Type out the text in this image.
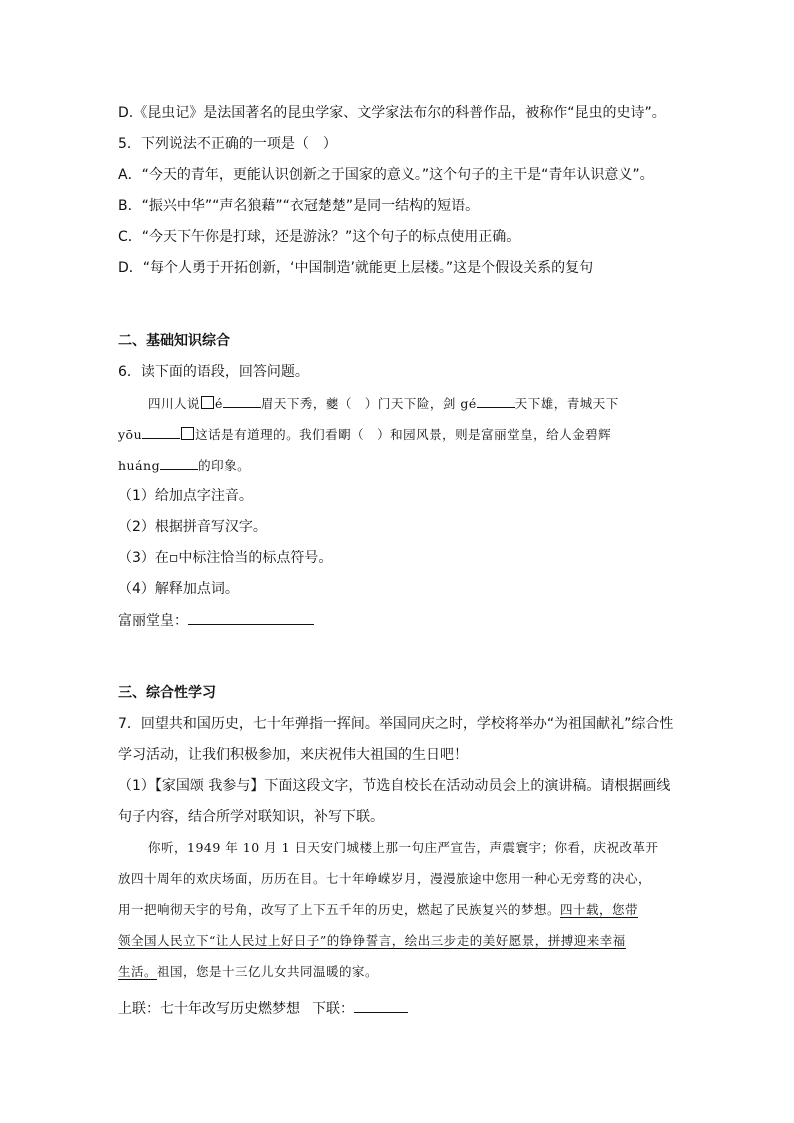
D.《昆虫记》是法国著名的昆虫学家、文学家法布尔的科普作品，被称作“昆虫的史诗”。
5．下列说法不正确的一项是（　）
A．“今天的青年，更能认识创新之于国家的意义。”这个句子的主干是“青年认识意义”。
B．“振兴中华”“声名狼藉”“衣冠楚楚”是同一结构的短语。
C．“今天下午你是打球，还是游泳？”这个句子的标点使用正确。
D．“每个人勇于开拓创新，‘中国制造’就能更上层楼。”这是个假设关系的复句
二、基础知识综合
6．读下面的语段，回答问题。
四川人说 é	眉天下秀，夔（　）门天下险，剑 gé	天下雄，青城天下
yōu	这话是有道理的。我们看朙（　）和园风景，则是富丽堂皇，给人金碧辉
huáng	的印象。
（1）给加点字注音。
（2）根据拼音写汉字。
（3）在▫中标注恰当的标点符号。
（4）解释加点词。
富丽堂皇：
三、综合性学习
7．回望共和国历史，七十年弹指一挥间。举国同庆之时，学校将举办“为祖国献礼”综合性
学习活动，让我们积极参加，来庆祝伟大祖国的生日吧！
（1）【家国颂 我参与】下面这段文字，节选自校长在活动动员会上的演讲稿。请根据画线
句子内容，结合所学对联知识，补写下联。
你听，1949 年 10 月 1 日天安门城楼上那一句庄严宣告，声震寰宇；你看，庆祝改革开
放四十周年的欢庆场面，历历在目。七十年峥嵘岁月，漫漫旅途中您用一种心无旁骛的决心，
用一把响彻天宇的号角，改写了上下五千年的历史，燃起了民族复兴的梦想。四十载，您带
领全国人民立下“让人民过上好日子”的铮铮誓言，绘出三步走的美好愿景，拼搏迎来幸福
生活。祖国，您是十三亿儿女共同温暖的家。
上联：七十年改写历史燃梦想 下联：
